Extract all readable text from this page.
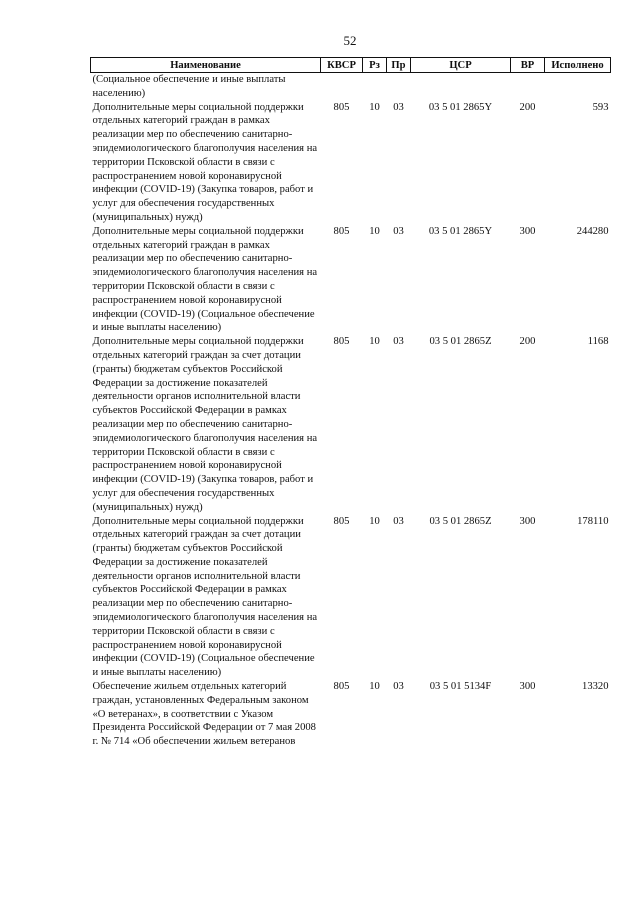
52
Наименование	КВСР	Рз	Пр	ЦСР	ВР	Исполнено
(Социальное обеспечение и иные выплаты населению)						
Дополнительные меры социальной поддержки отдельных категорий граждан в рамках реализации мер по обеспечению санитарно-эпидемиологического благополучия населения на территории Псковской области в связи с распространением новой коронавирусной инфекции (COVID-19) (Закупка товаров, работ и услуг для обеспечения государственных (муниципальных) нужд)	805	10	03	03 5 01 2865Y	200	593
Дополнительные меры социальной поддержки отдельных категорий граждан в рамках реализации мер по обеспечению санитарно-эпидемиологического благополучия населения на территории Псковской области в связи с распространением новой коронавирусной инфекции (COVID-19) (Социальное обеспечение и иные выплаты населению)	805	10	03	03 5 01 2865Y	300	244280
Дополнительные меры социальной поддержки отдельных категорий граждан за счет дотации (гранты) бюджетам субъектов Российской Федерации за достижение показателей деятельности органов исполнительной власти субъектов Российской Федерации в рамках реализации мер по обеспечению санитарно-эпидемиологического благополучия населения на территории Псковской области в связи с распространением новой коронавирусной инфекции (COVID-19) (Закупка товаров, работ и услуг для обеспечения государственных (муниципальных) нужд)	805	10	03	03 5 01 2865Z	200	1168
Дополнительные меры социальной поддержки отдельных категорий граждан за счет дотации (гранты) бюджетам субъектов Российской Федерации за достижение показателей деятельности органов исполнительной власти субъектов Российской Федерации в рамках реализации мер по обеспечению санитарно-эпидемиологического благополучия населения на территории Псковской области в связи с распространением новой коронавирусной инфекции (COVID-19) (Социальное обеспечение и иные выплаты населению)	805	10	03	03 5 01 2865Z	300	178110
Обеспечение жильем отдельных категорий граждан, установленных Федеральным законом «О ветеранах», в соответствии с Указом Президента Российской Федерации от 7 мая 2008 г. № 714 «Об обеспечении жильем ветеранов	805	10	03	03 5 01 5134F	300	13320
